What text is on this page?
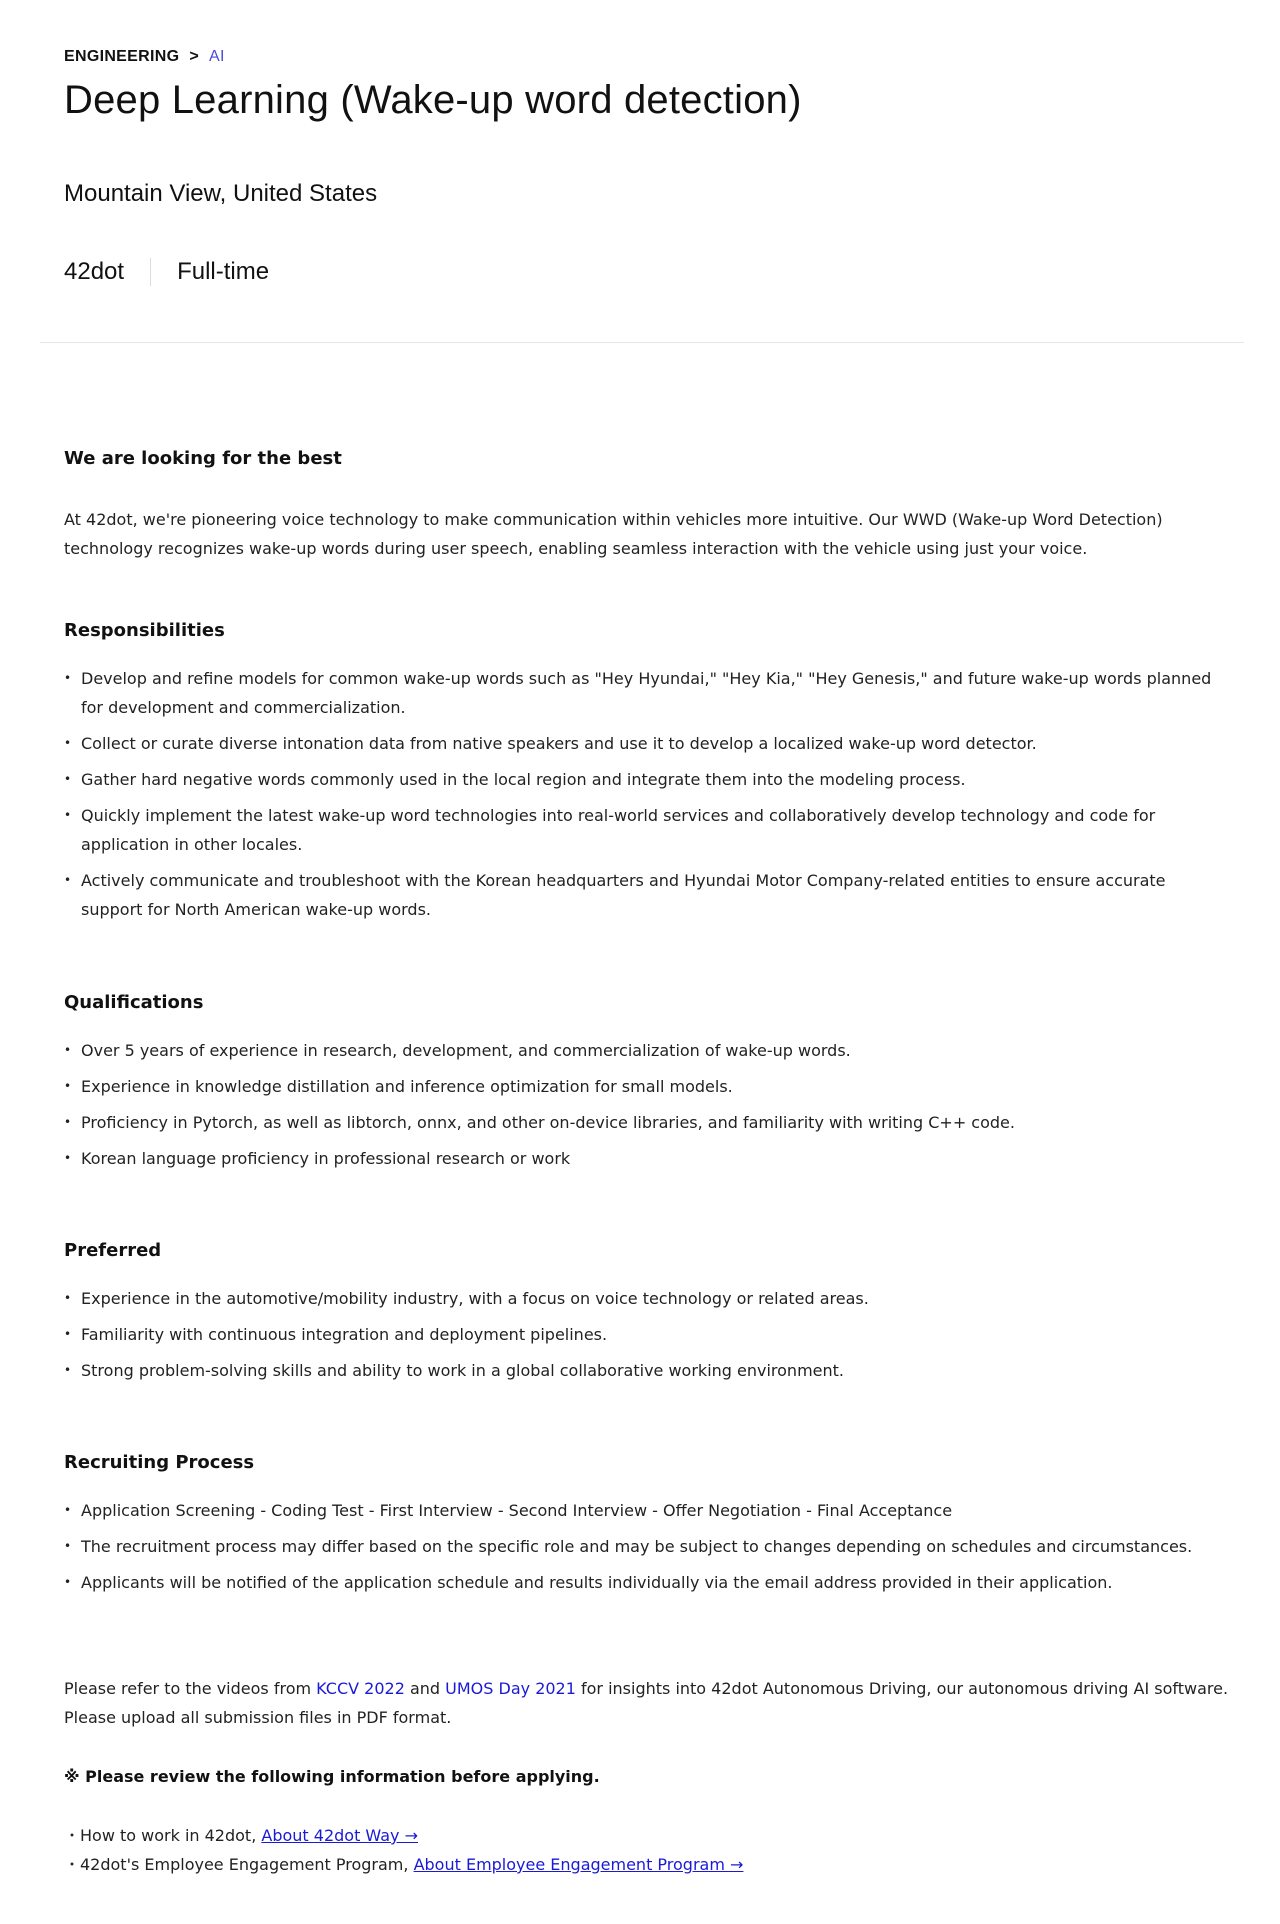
ENGINEERING > AI
Deep Learning (Wake-up word detection)
Mountain View, United States
42dot Full-time
We are looking for the best

At 42dot, we're pioneering voice technology to make communication within vehicles more intuitive. Our WWD (Wake-up Word Detection) technology recognizes wake-up words during user speech, enabling seamless interaction with the vehicle using just your voice.

Responsibilities
• Develop and refine models for common wake-up words such as "Hey Hyundai," "Hey Kia," "Hey Genesis," and future wake-up words planned for development and commercialization.
• Collect or curate diverse intonation data from native speakers and use it to develop a localized wake-up word detector.
• Gather hard negative words commonly used in the local region and integrate them into the modeling process.
• Quickly implement the latest wake-up word technologies into real-world services and collaboratively develop technology and code for application in other locales.
• Actively communicate and troubleshoot with the Korean headquarters and Hyundai Motor Company-related entities to ensure accurate support for North American wake-up words.
Qualifications
• Over 5 years of experience in research, development, and commercialization of wake-up words.
• Experience in knowledge distillation and inference optimization for small models.
• Proficiency in Pytorch, as well as libtorch, onnx, and other on-device libraries, and familiarity with writing C++ code.
• Korean language proficiency in professional research or work
Preferred
• Experience in the automotive/mobility industry, with a focus on voice technology or related areas.
• Familiarity with continuous integration and deployment pipelines.
• Strong problem-solving skills and ability to work in a global collaborative working environment.
Recruiting Process
• Application Screening - Coding Test - First Interview - Second Interview - Offer Negotiation - Final Acceptance
• The recruitment process may differ based on the specific role and may be subject to changes depending on schedules and circumstances.
• Applicants will be notified of the application schedule and results individually via the email address provided in their application.
Please refer to the videos from KCCV 2022 and UMOS Day 2021 for insights into 42dot Autonomous Driving, our autonomous driving AI software.
Please upload all submission files in PDF format.
※ Please review the following information before applying.
・How to work in 42dot, About 42dot Way →
・42dot's Employee Engagement Program, About Employee Engagement Program →
